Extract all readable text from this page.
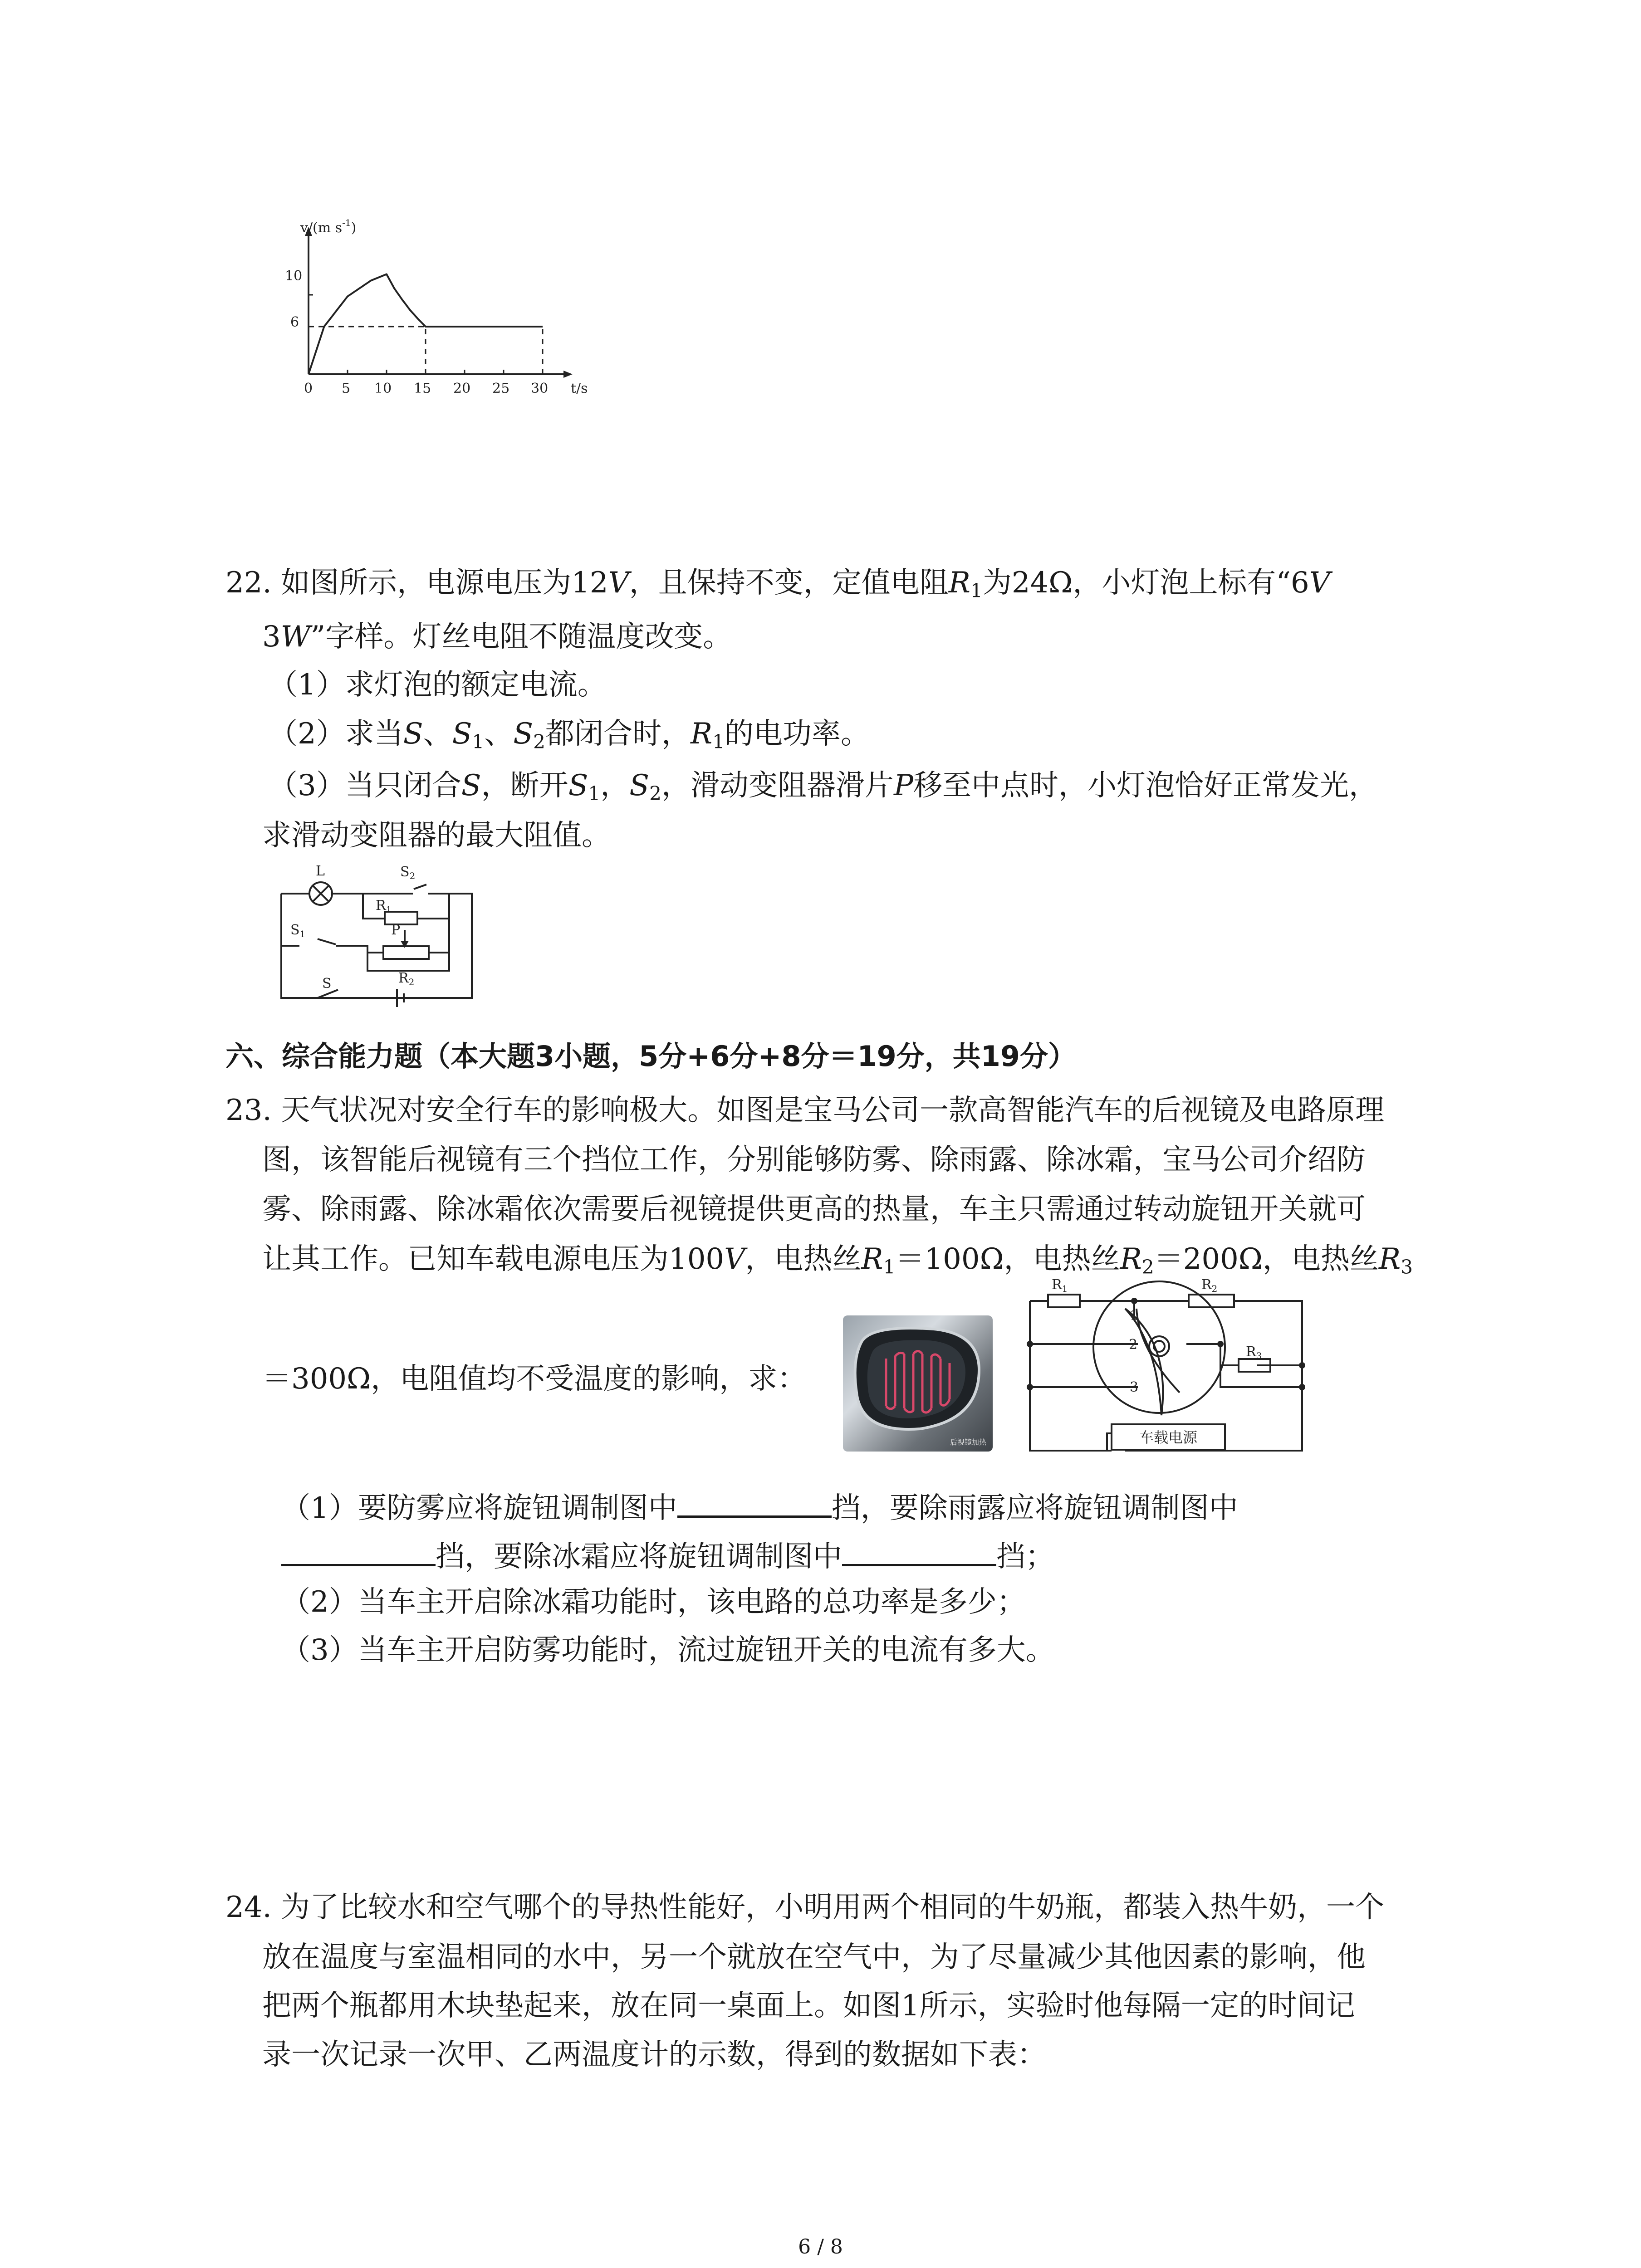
v/(m $s^{-1}$)
t/s
10
6
0 5 10 15 20 25 30
22. 如图所示，电源电压为12V，且保持不变，定值电阻$R_1$为24Ω，小灯泡上标有“6V
3W”字样。灯丝电阻不随温度改变。
（1）求灯泡的额定电流。
（2）求当S、$S_1$、$S_2$都闭合时，$R_1$的电功率。
（3）当只闭合S，断开$S_1$，$S_2$，滑动变阻器滑片P移至中点时，小灯泡恰好正常发光，
求滑动变阻器的最大阻值。
L	$S_2$
$R_1$
$S_1$	P
$R_2$
S
六、综合能力题（本大题3小题，5分+6分+8分＝19分，共19分）
23. 天气状况对安全行车的影响极大。如图是宝马公司一款高智能汽车的后视镜及电路原理
图，该智能后视镜有三个挡位工作，分别能够防雾、除雨露、除冰霜，宝马公司介绍防
雾、除雨露、除冰霜依次需要后视镜提供更高的热量，车主只需通过转动旋钮开关就可
让其工作。已知车载电源电压为100V，电热丝$R_1=100\Omega$，电热丝$R_2=200\Omega$，电热丝$R_3$
＝300Ω，电阻值均不受温度的影响，求：
后视镜加热
$R_1$	$R_2$
$R_3$
1
2
3
车载电源
（1）要防雾应将旋钮调制图中	挡，要除雨露应将旋钮调制图中
挡，要除冰霜应将旋钮调制图中	挡；
（2）当车主开启除冰霜功能时，该电路的总功率是多少；
（3）当车主开启防雾功能时，流过旋钮开关的电流有多大。
24. 为了比较水和空气哪个的导热性能好，小明用两个相同的牛奶瓶，都装入热牛奶，一个
放在温度与室温相同的水中，另一个就放在空气中，为了尽量减少其他因素的影响，他
把两个瓶都用木块垫起来，放在同一桌面上。如图1所示，实验时他每隔一定的时间记
录一次记录一次甲、乙两温度计的示数，得到的数据如下表：
6 / 8
